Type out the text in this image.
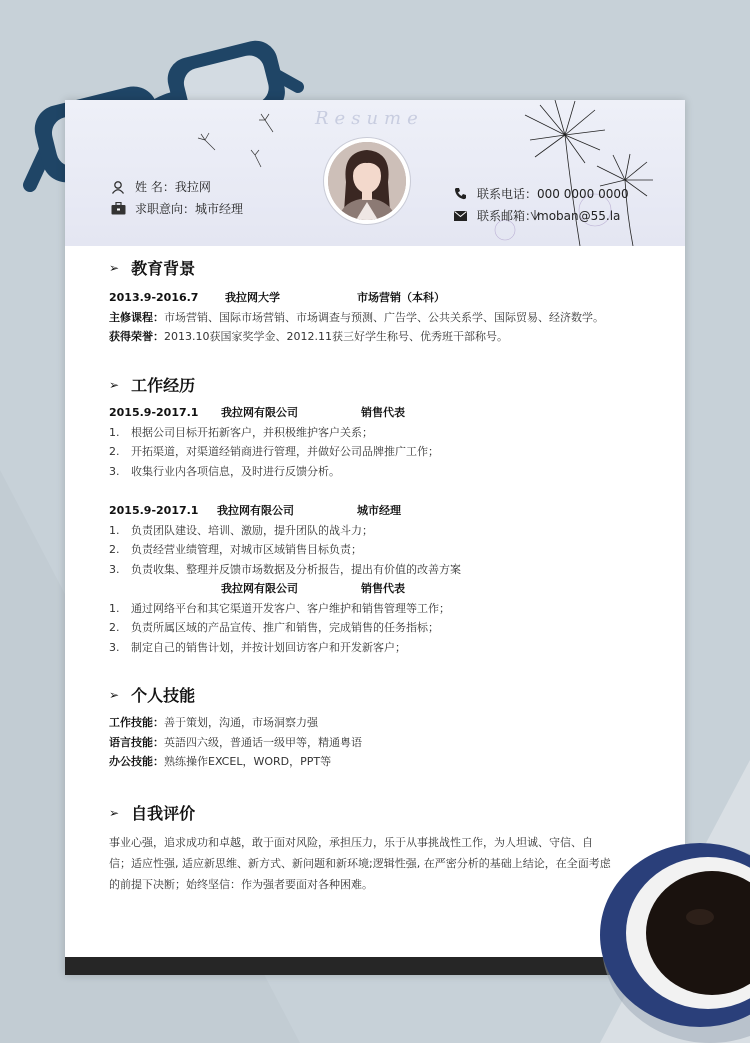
Resume
姓 名：我拉网
求职意向：城市经理
联系电话：000 0000 0000
联系邮箱：moban@55.la
➢ 教育背景
2013.9-2016.7 我拉网大学	市场营销（本科）
主修课程：市场营销、国际市场营销、市场调查与预测、广告学、公共关系学、国际贸易、经济数学。
获得荣誉：2013.10获国家奖学金、2012.11获三好学生称号、优秀班干部称号。
➢ 工作经历
2015.9-2017.1 我拉网有限公司	销售代表
1. 根据公司目标开拓新客户，并积极维护客户关系；
2. 开拓渠道，对渠道经销商进行管理，并做好公司品牌推广工作；
3. 收集行业内各项信息，及时进行反馈分析。
2015.9-2017.1 我拉网有限公司	城市经理
1. 负责团队建设、培训、激励，提升团队的战斗力；
2. 负责经营业绩管理，对城市区域销售目标负责；
3. 负责收集、整理并反馈市场数据及分析报告，提出有价值的改善方案
我拉网有限公司	销售代表
1. 通过网络平台和其它渠道开发客户、客户维护和销售管理等工作；
2. 负责所属区域的产品宣传、推广和销售，完成销售的任务指标；
3. 制定自己的销售计划，并按计划回访客户和开发新客户；
➢ 个人技能
工作技能：善于策划，沟通，市场洞察力强
语言技能：英語四六级，普通话一级甲等，精通粤语
办公技能：熟练操作EXCEL，WORD，PPT等
➢ 自我评价
事业心强，追求成功和卓越，敢于面对风险，承担压力，乐于从事挑战性工作，为人坦诚、守信、自
信；适应性强, 适应新思维、新方式、新问题和新环境;逻辑性强, 在严密分析的基础上结论，在全面考虑
的前提下决断；始终坚信：作为强者要面对各种困难。
